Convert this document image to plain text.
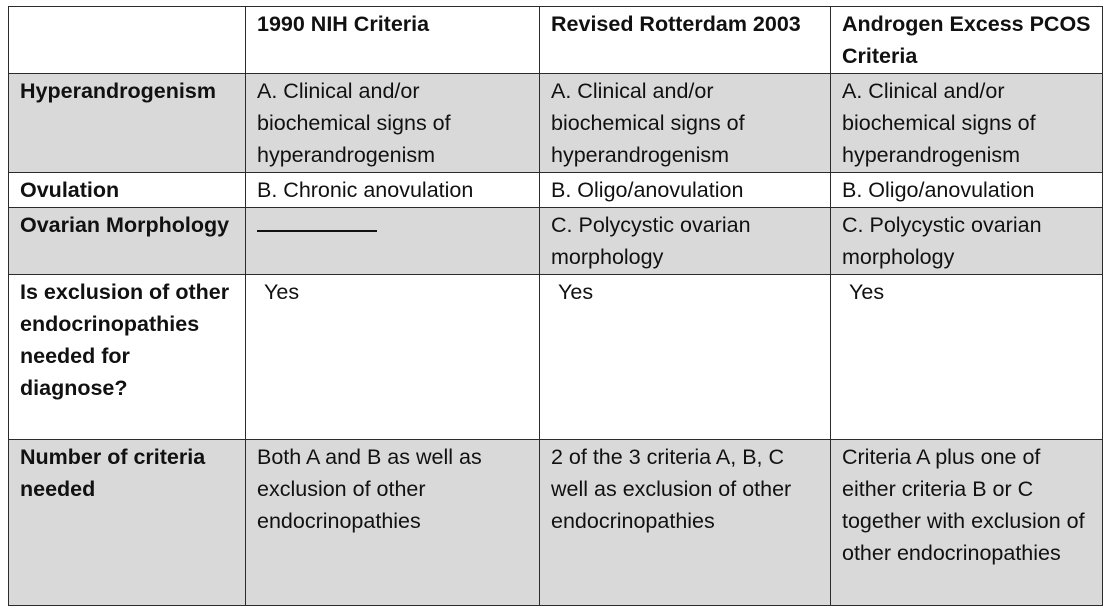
	1990 NIH Criteria	Revised Rotterdam 2003	Androgen Excess PCOS Criteria
Hyperandrogenism	A. Clinical and/or biochemical signs of hyperandrogenism	A. Clinical and/or biochemical signs of hyperandrogenism	A. Clinical and/or biochemical signs of hyperandrogenism
Ovulation	B. Chronic anovulation	B. Oligo/anovulation	B. Oligo/anovulation
Ovarian Morphology		C. Polycystic ovarian morphology	C. Polycystic ovarian morphology
Is exclusion of other endocrinopathies needed for diagnose?	Yes	Yes	Yes
Number of criteria needed	Both A and B as well as exclusion of other endocrinopathies	2 of the 3 criteria A, B, C well as exclusion of other endocrinopathies	Criteria A plus one of either criteria B or C together with exclusion of other endocrinopathies
